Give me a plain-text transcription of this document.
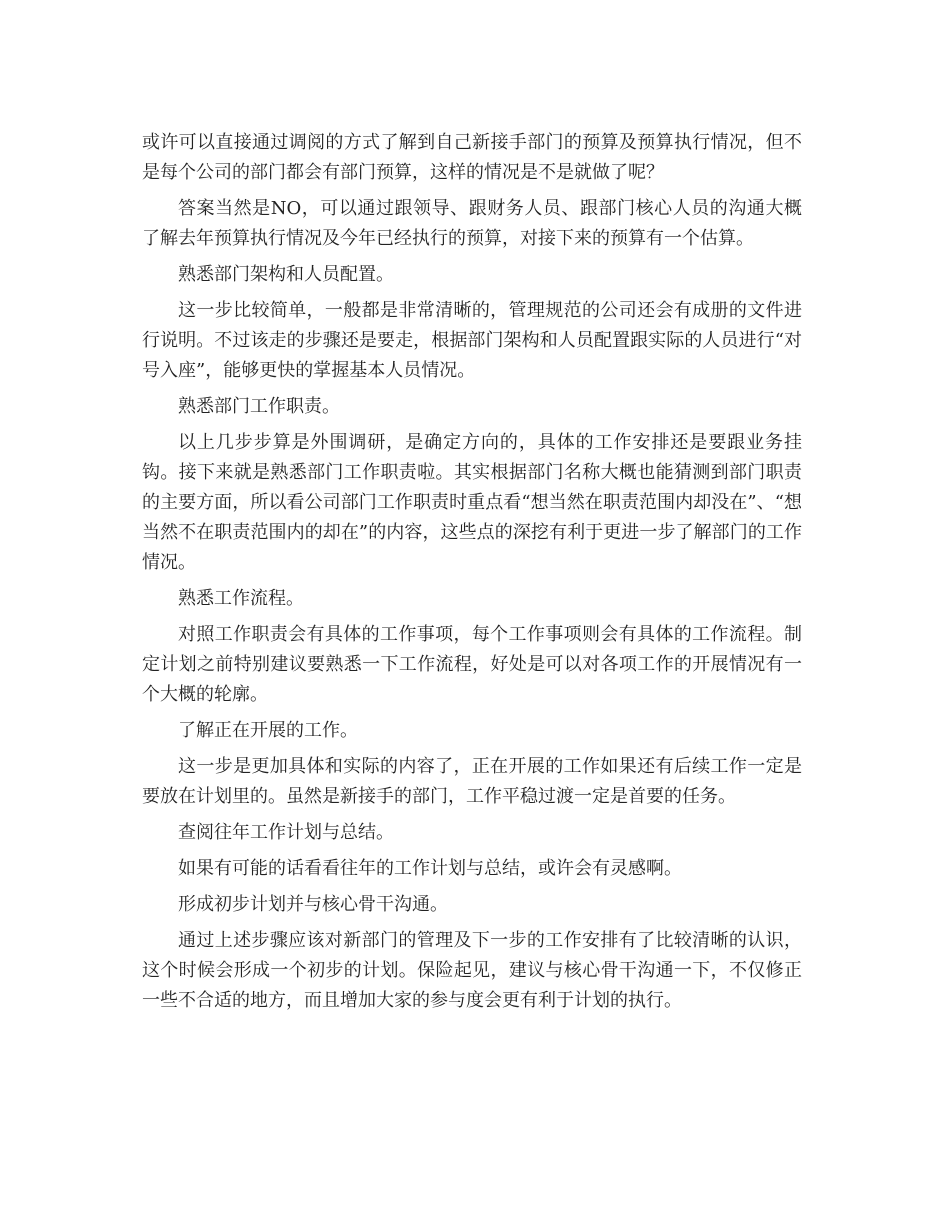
或许可以直接通过调阅的方式了解到自己新接手部门的预算及预算执行情况，但不是每个公司的部门都会有部门预算，这样的情况是不是就做了呢？

答案当然是NO，可以通过跟领导、跟财务人员、跟部门核心人员的沟通大概了解去年预算执行情况及今年已经执行的预算，对接下来的预算有一个估算。

熟悉部门架构和人员配置。

这一步比较简单，一般都是非常清晰的，管理规范的公司还会有成册的文件进行说明。不过该走的步骤还是要走，根据部门架构和人员配置跟实际的人员进行“对号入座”，能够更快的掌握基本人员情况。

熟悉部门工作职责。

以上几步步算是外围调研，是确定方向的，具体的工作安排还是要跟业务挂钩。接下来就是熟悉部门工作职责啦。其实根据部门名称大概也能猜测到部门职责的主要方面，所以看公司部门工作职责时重点看“想当然在职责范围内却没在”、“想当然不在职责范围内的却在”的内容，这些点的深挖有利于更进一步了解部门的工作情况。

熟悉工作流程。

对照工作职责会有具体的工作事项，每个工作事项则会有具体的工作流程。制定计划之前特别建议要熟悉一下工作流程，好处是可以对各项工作的开展情况有一个大概的轮廓。

了解正在开展的工作。

这一步是更加具体和实际的内容了，正在开展的工作如果还有后续工作一定是要放在计划里的。虽然是新接手的部门，工作平稳过渡一定是首要的任务。

查阅往年工作计划与总结。

如果有可能的话看看往年的工作计划与总结，或许会有灵感啊。

形成初步计划并与核心骨干沟通。

通过上述步骤应该对新部门的管理及下一步的工作安排有了比较清晰的认识，这个时候会形成一个初步的计划。保险起见，建议与核心骨干沟通一下，不仅修正一些不合适的地方，而且增加大家的参与度会更有利于计划的执行。
